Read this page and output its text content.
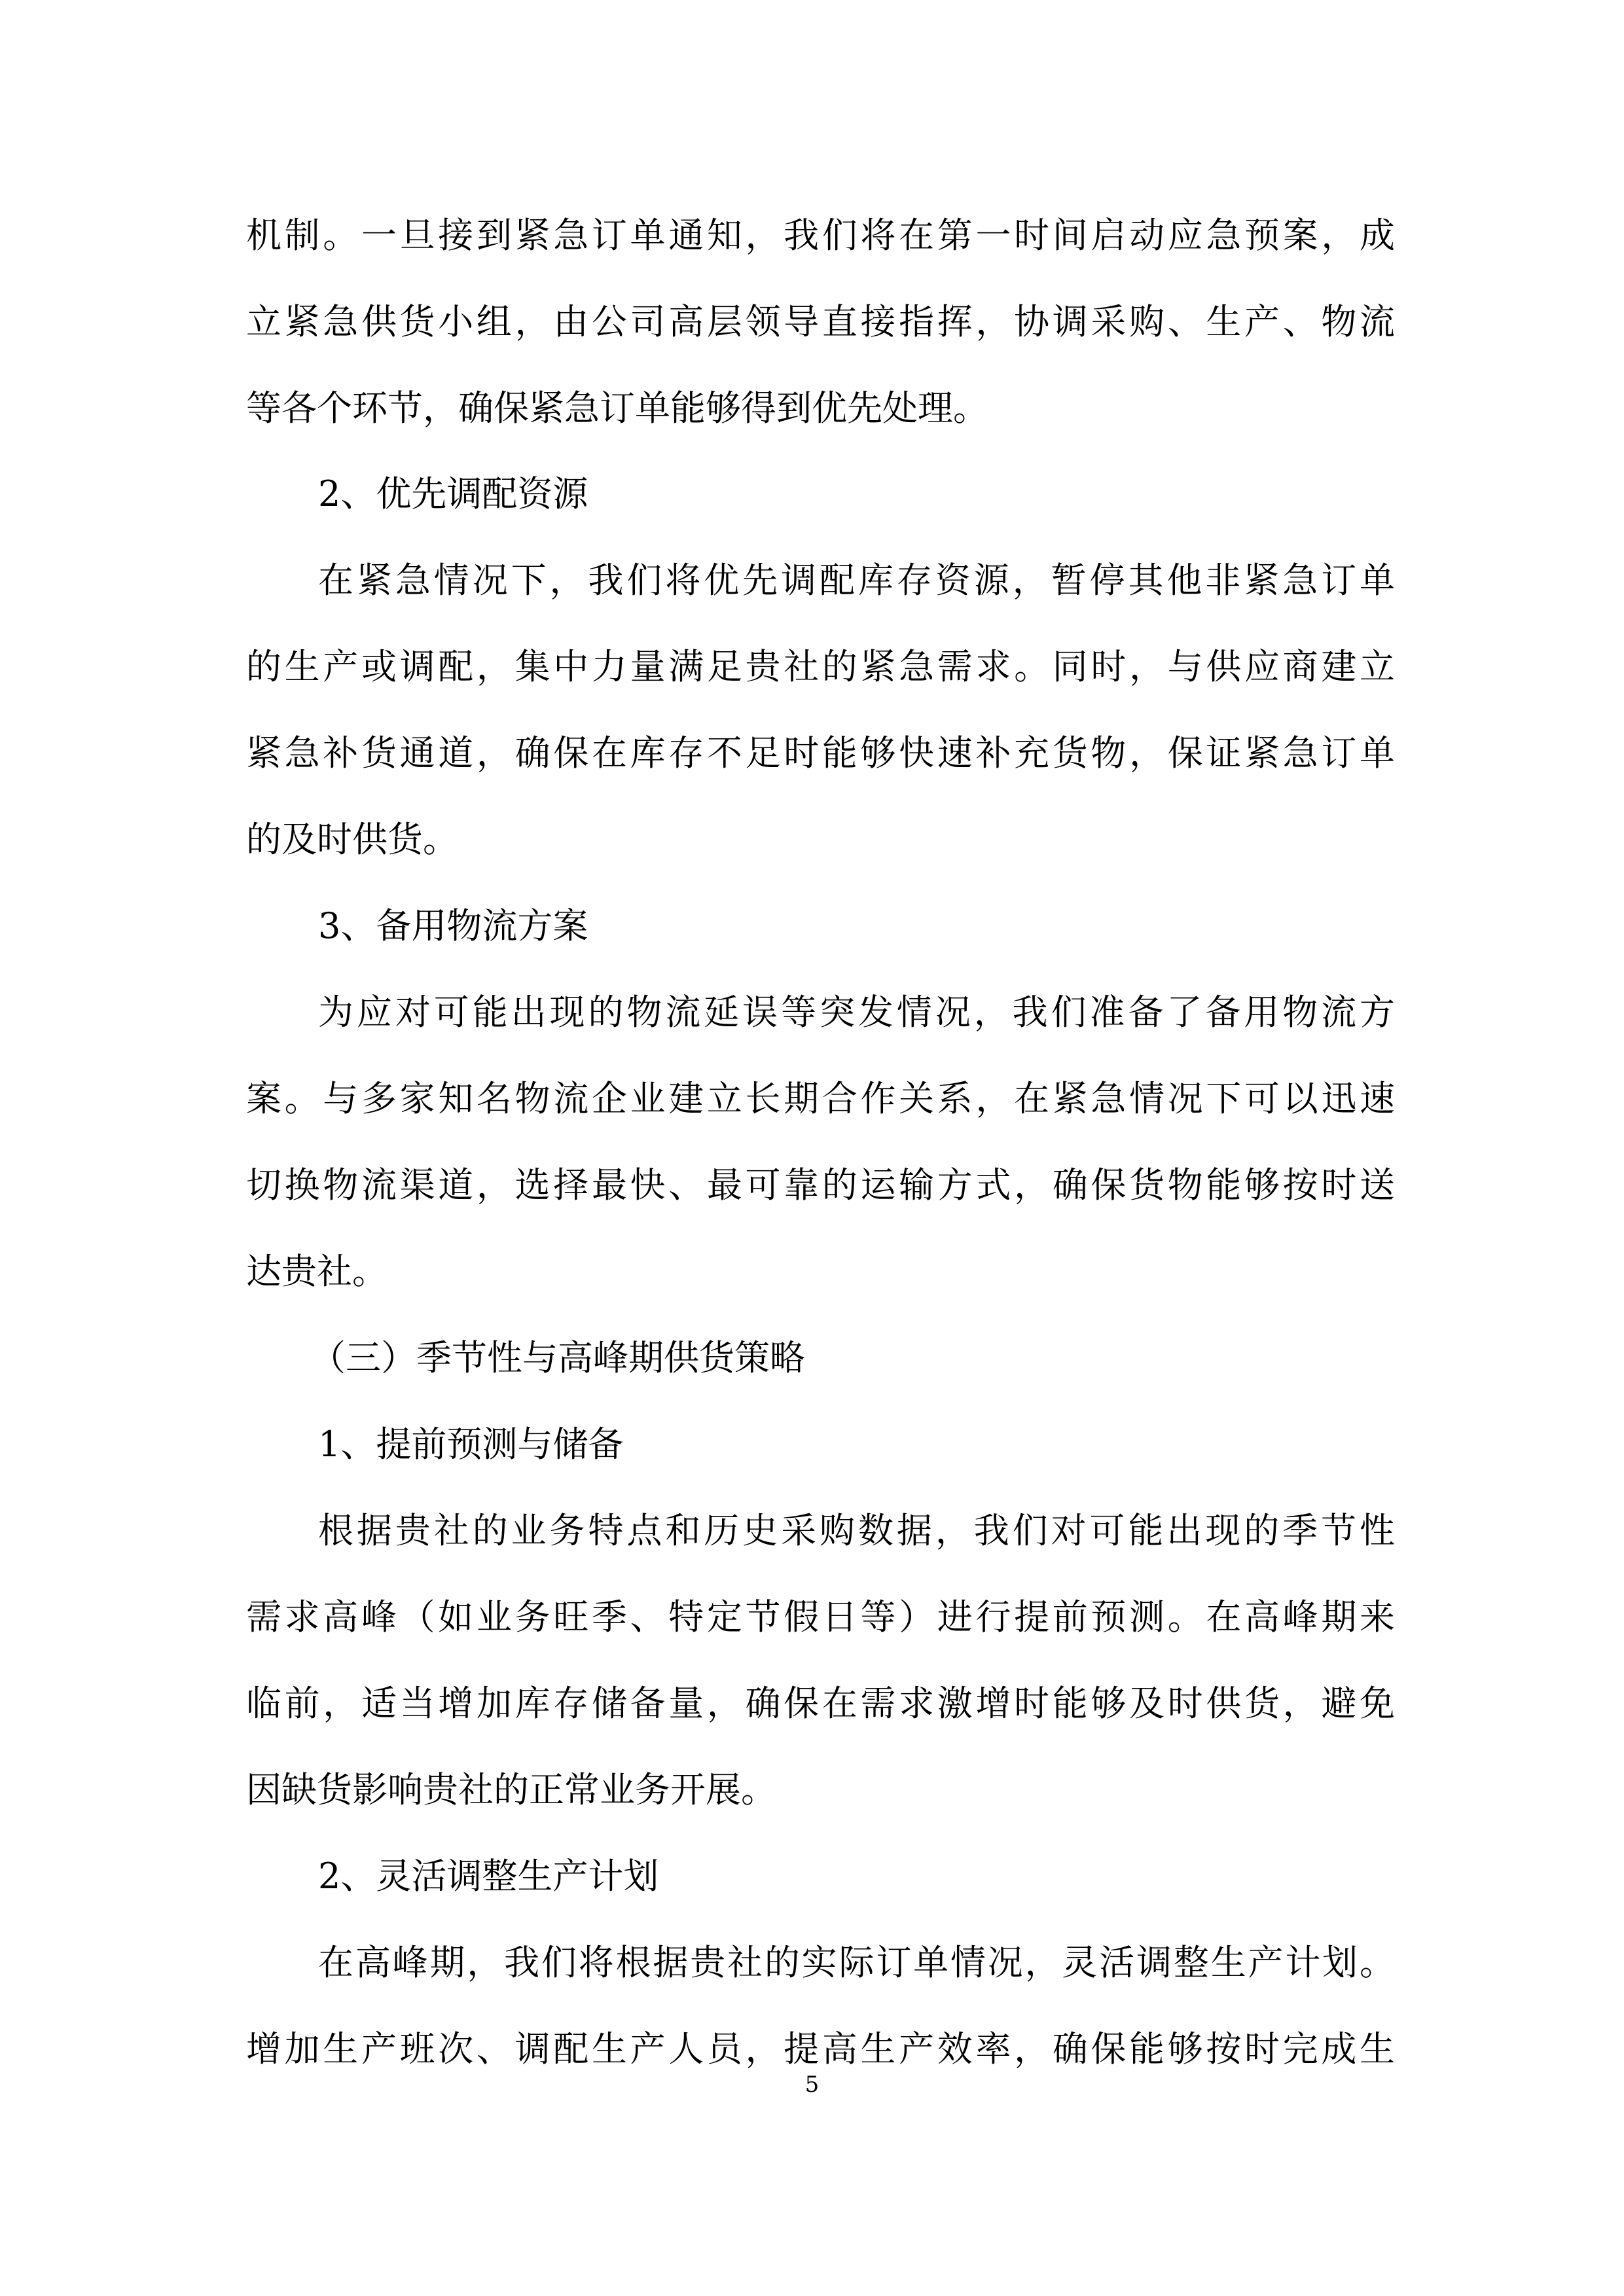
机制。一旦接到紧急订单通知，我们将在第一时间启动应急预案，成
立紧急供货小组，由公司高层领导直接指挥，协调采购、生产、物流
等各个环节，确保紧急订单能够得到优先处理。
2、优先调配资源
在紧急情况下，我们将优先调配库存资源，暂停其他非紧急订单
的生产或调配，集中力量满足贵社的紧急需求。同时，与供应商建立
紧急补货通道，确保在库存不足时能够快速补充货物，保证紧急订单
的及时供货。
3、备用物流方案
为应对可能出现的物流延误等突发情况，我们准备了备用物流方
案。与多家知名物流企业建立长期合作关系，在紧急情况下可以迅速
切换物流渠道，选择最快、最可靠的运输方式，确保货物能够按时送
达贵社。
（三）季节性与高峰期供货策略
1、提前预测与储备
根据贵社的业务特点和历史采购数据，我们对可能出现的季节性
需求高峰（如业务旺季、特定节假日等）进行提前预测。在高峰期来
临前，适当增加库存储备量，确保在需求激增时能够及时供货，避免
因缺货影响贵社的正常业务开展。
2、灵活调整生产计划
在高峰期，我们将根据贵社的实际订单情况，灵活调整生产计划。
增加生产班次、调配生产人员，提高生产效率，确保能够按时完成生
5
